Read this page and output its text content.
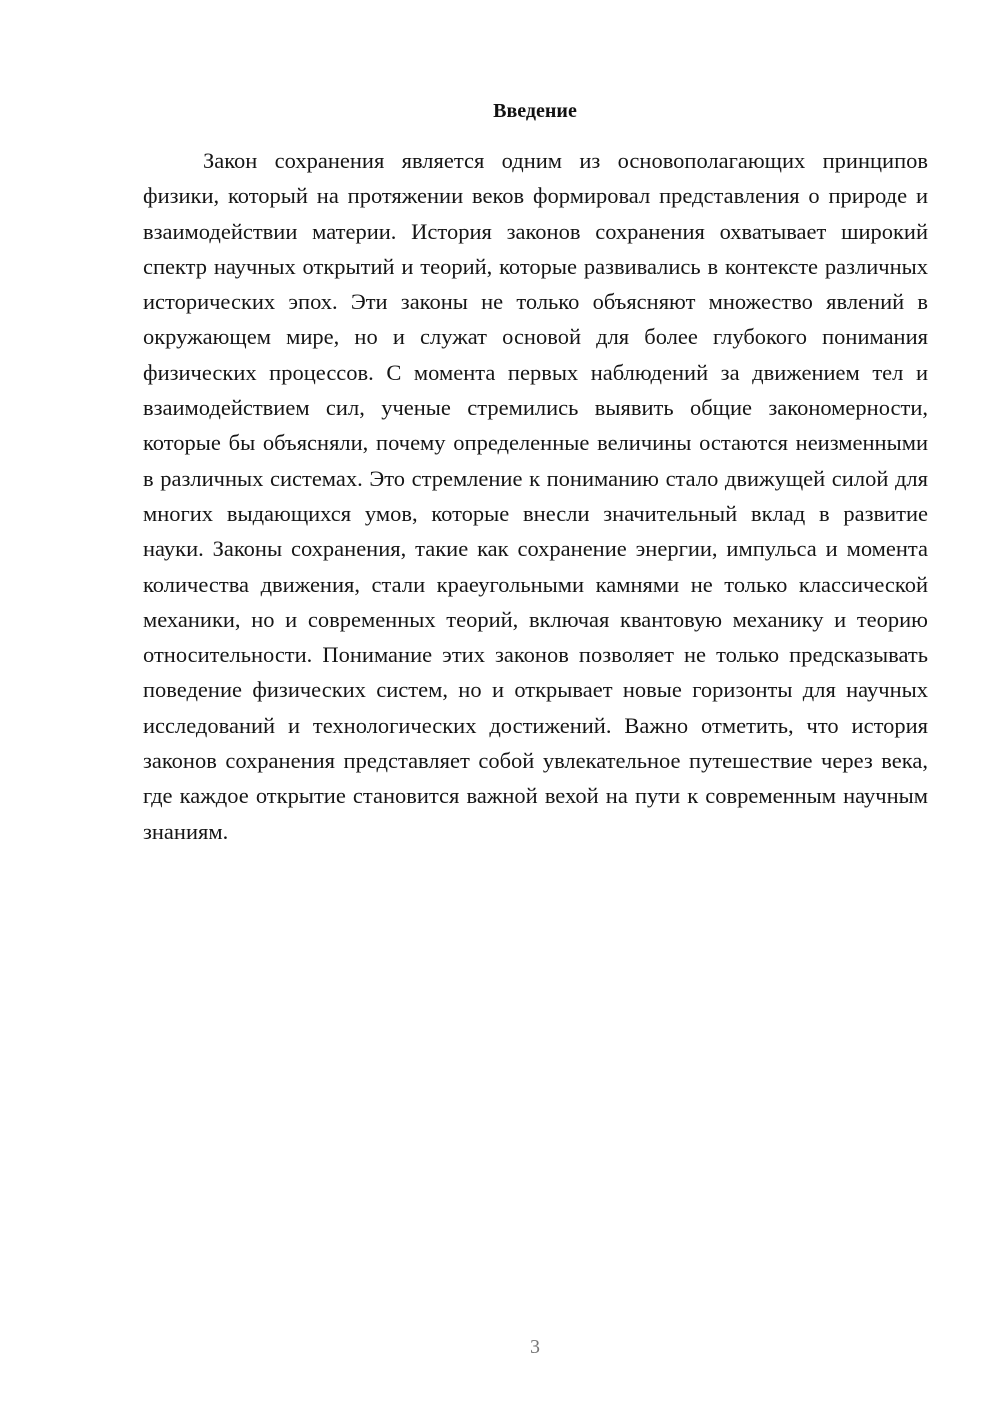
Введение

Закон сохранения является одним из основополагающих принципов физики, который на протяжении веков формировал представления о природе и взаимодействии материи. История законов сохранения охватывает широкий спектр научных открытий и теорий, которые развивались в контексте различных исторических эпох. Эти законы не только объясняют множество явлений в окружающем мире, но и служат основой для более глубокого понимания физических процессов. С момента первых наблюдений за движением тел и взаимодействием сил, ученые стремились выявить общие закономерности, которые бы объясняли, почему определенные величины остаются неизменными в различных системах. Это стремление к пониманию стало движущей силой для многих выдающихся умов, которые внесли значительный вклад в развитие науки. Законы сохранения, такие как сохранение энергии, импульса и момента количества движения, стали краеугольными камнями не только классической механики, но и современных теорий, включая квантовую механику и теорию относительности. Понимание этих законов позволяет не только предсказывать поведение физических систем, но и открывает новые горизонты для научных исследований и технологических достижений. Важно отметить, что история законов сохранения представляет собой увлекательное путешествие через века, где каждое открытие становится важной вехой на пути к современным научным знаниям.

3
